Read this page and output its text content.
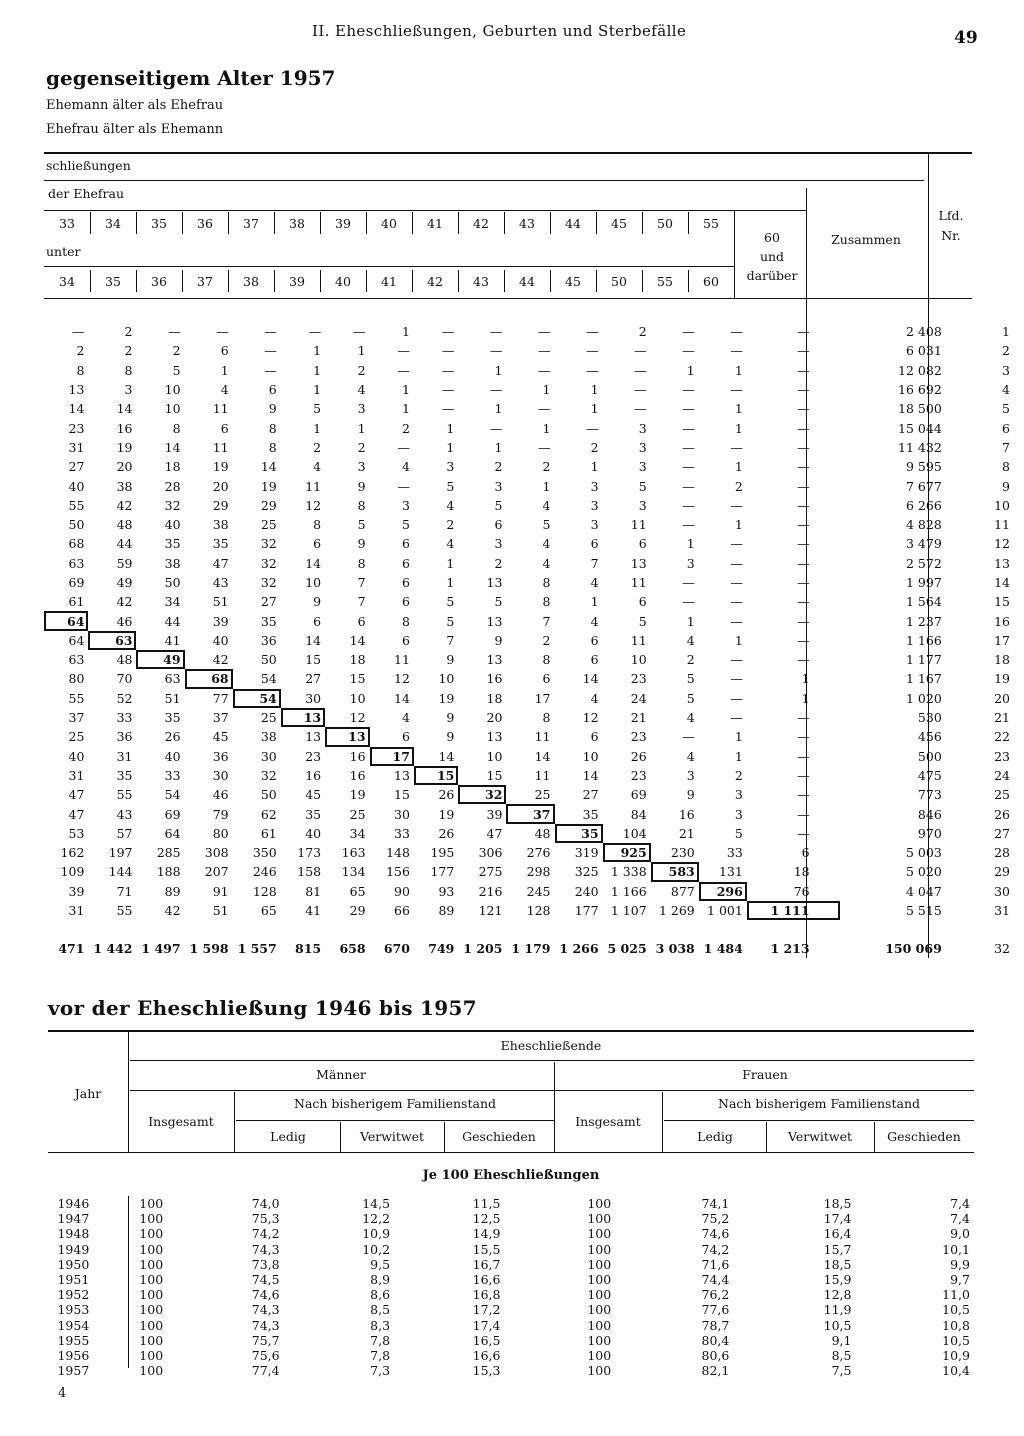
II. Eheschließungen, Geburten und Sterbefälle	49
gegenseitigem Alter 1957
Ehemann älter als Ehefrau
Ehefrau älter als Ehemann
schließungen
der Ehefrau
33	34	35	36	37	38	39	40	41	42	43	44	45	50	55
unter
34	35	36	37	38	39	40	41	42	43	44	45	50	55	60
60
und
darüber
Zusammen
Lfd.
Nr.
—	2	—	—	—	—	—	1	—	—	—	—	2	—	—	—	2 408	1
2	2	2	6	—	1	1	—	—	—	—	—	—	—	—	—	6 031	2
8	8	5	1	—	1	2	—	—	1	—	—	—	1	1	—	12 082	3
13	3	10	4	6	1	4	1	—	—	1	1	—	—	—	—	16 692	4
14	14	10	11	9	5	3	1	—	1	—	1	—	—	1	—	18 500	5
23	16	8	6	8	1	1	2	1	—	1	—	3	—	1	—	15 044	6
31	19	14	11	8	2	2	—	1	1	—	2	3	—	—	—	11 432	7
27	20	18	19	14	4	3	4	3	2	2	1	3	—	1	—	9 595	8
40	38	28	20	19	11	9	—	5	3	1	3	5	—	2	—	7 677	9
55	42	32	29	29	12	8	3	4	5	4	3	3	—	—	—	6 266	10
50	48	40	38	25	8	5	5	2	6	5	3	11	—	1	—	4 828	11
68	44	35	35	32	6	9	6	4	3	4	6	6	1	—	—	3 479	12
63	59	38	47	32	14	8	6	1	2	4	7	13	3	—	—	2 572	13
69	49	50	43	32	10	7	6	1	13	8	4	11	—	—	—	1 997	14
61	42	34	51	27	9	7	6	5	5	8	1	6	—	—	—	1 564	15
64	46	44	39	35	6	6	8	5	13	7	4	5	1	—	—	1 237	16
64	63	41	40	36	14	14	6	7	9	2	6	11	4	1	—	1 166	17
63	48	49	42	50	15	18	11	9	13	8	6	10	2	—	—	1 177	18
80	70	63	68	54	27	15	12	10	16	6	14	23	5	—	1	1 167	19
55	52	51	77	54	30	10	14	19	18	17	4	24	5	—	1	1 020	20
37	33	35	37	25	13	12	4	9	20	8	12	21	4	—	—	530	21
25	36	26	45	38	13	13	6	9	13	11	6	23	—	1	—	456	22
40	31	40	36	30	23	16	17	14	10	14	10	26	4	1	—	500	23
31	35	33	30	32	16	16	13	15	15	11	14	23	3	2	—	475	24
47	55	54	46	50	45	19	15	26	32	25	27	69	9	3	—	773	25
47	43	69	79	62	35	25	30	19	39	37	35	84	16	3	—	846	26
53	57	64	80	61	40	34	33	26	47	48	35	104	21	5	—	970	27
162	197	285	308	350	173	163	148	195	306	276	319	925	230	33	6	5 003	28
109	144	188	207	246	158	134	156	177	275	298	325	1 338	583	131	18	5 020	29
39	71	89	91	128	81	65	90	93	216	245	240	1 166	877	296	76	4 047	30
31	55	42	51	65	41	29	66	89	121	128	177	1 107	1 269	1 001	1 111	5 515	31
471	1 442	1 497	1 598	1 557	815	658	670	749	1 205	1 179	1 266	5 025	3 038	1 484	1 213	150 069	32
vor der Eheschließung 1946 bis 1957
Jahr
Eheschließende
Männer	Frauen
Insgesamt
Nach bisherigem Familienstand
Ledig	Verwitwet	Geschieden
Insgesamt
Nach bisherigem Familienstand
Ledig	Verwitwet	Geschieden
Je 100 Eheschließungen
1946	100	74,0	14,5	11,5	100	74,1	18,5	7,4
1947	100	75,3	12,2	12,5	100	75,2	17,4	7,4
1948	100	74,2	10,9	14,9	100	74,6	16,4	9,0
1949	100	74,3	10,2	15,5	100	74,2	15,7	10,1
1950	100	73,8	9,5	16,7	100	71,6	18,5	9,9
1951	100	74,5	8,9	16,6	100	74,4	15,9	9,7
1952	100	74,6	8,6	16,8	100	76,2	12,8	11,0
1953	100	74,3	8,5	17,2	100	77,6	11,9	10,5
1954	100	74,3	8,3	17,4	100	78,7	10,5	10,8
1955	100	75,7	7,8	16,5	100	80,4	9,1	10,5
1956	100	75,6	7,8	16,6	100	80,6	8,5	10,9
1957	100	77,4	7,3	15,3	100	82,1	7,5	10,4
4
